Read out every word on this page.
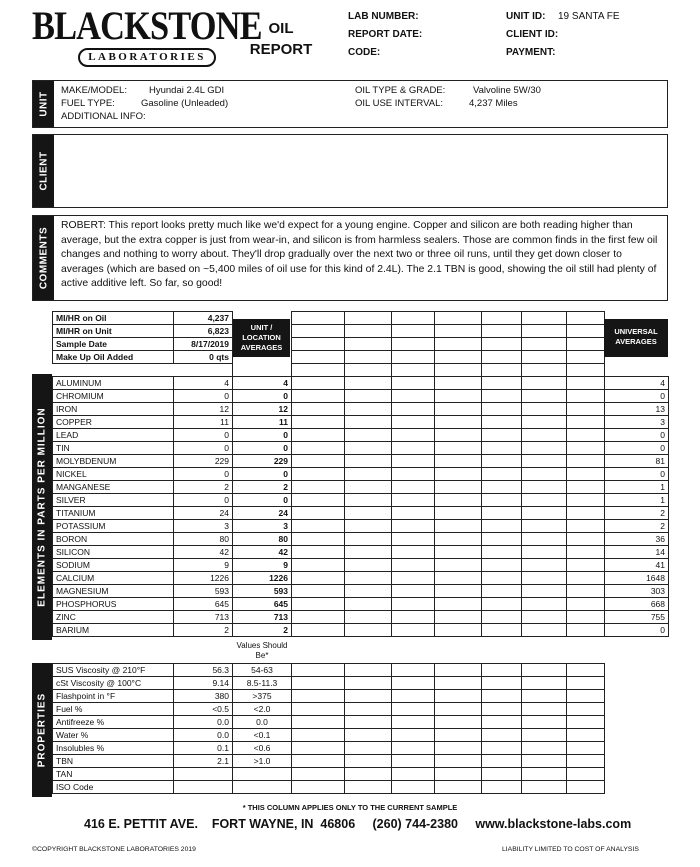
BLACKSTONE
LABORATORIES
OIL
REPORT
LAB NUMBER:
REPORT DATE:
CODE:
UNIT ID: 19 SANTA FE
CLIENT ID:
PAYMENT:
UNIT
MAKE/MODEL: Hyundai 2.4L GDI
FUEL TYPE:	Gasoline (Unleaded)
ADDITIONAL INFO:
OIL TYPE & GRADE:	Valvoline 5W/30
OIL USE INTERVAL:	4,237 Miles
CLIENT
COMMENTS
ROBERT: This report looks pretty much like we'd expect for a young engine. Copper and silicon are both reading higher than average, but the extra copper is just from wear-in, and silicon is from harmless sealers. Those are common finds in the first few oil changes and nothing to worry about. They'll drop gradually over the next two or three oil runs, until they get down closer to averages (which are based on ~5,400 miles of oil use for this kind of 2.4L). The 2.1 TBN is good, showing the oil still had plenty of active additive left. So far, so good!
ELEMENTS IN PARTS PER MILLION
MI/HR on Oil	4,237									
MI/HR on Unit	6,823									
Sample Date	8/17/2019									
Make Up Oil Added	0 qts									

ALUMINUM	4	4								4
CHROMIUM	0	0								0
IRON	12	12								13
COPPER	11	11								3
LEAD	0	0								0
TIN	0	0								0
MOLYBDENUM	229	229								81
NICKEL	0	0								0
MANGANESE	2	2								1
SILVER	0	0								1
TITANIUM	24	24								2
POTASSIUM	3	3								2
BORON	80	80								36
SILICON	42	42								14
SODIUM	9	9								41
CALCIUM	1226	1226								1648
MAGNESIUM	593	593								303
PHOSPHORUS	645	645								668
ZINC	713	713								755
BARIUM	2	2								0
UNIT / LOCATION AVERAGES
UNIVERSAL AVERAGES
PROPERTIES
Values Should Be*
SUS Viscosity @ 210°F	56.3	54-63							
cSt Viscosity @ 100°C	9.14	8.5-11.3							
Flashpoint in °F	380	>375							
Fuel %	<0.5	<2.0							
Antifreeze %	0.0	0.0							
Water %	0.0	<0.1							
Insolubles %	0.1	<0.6							
TBN	2.1	>1.0							
TAN									
ISO Code									
* THIS COLUMN APPLIES ONLY TO THE CURRENT SAMPLE
416 E. PETTIT AVE.    FORT WAYNE, IN  46806     (260) 744-2380     www.blackstone-labs.com
©COPYRIGHT BLACKSTONE LABORATORIES 2019	LIABILITY LIMITED TO COST OF ANALYSIS
